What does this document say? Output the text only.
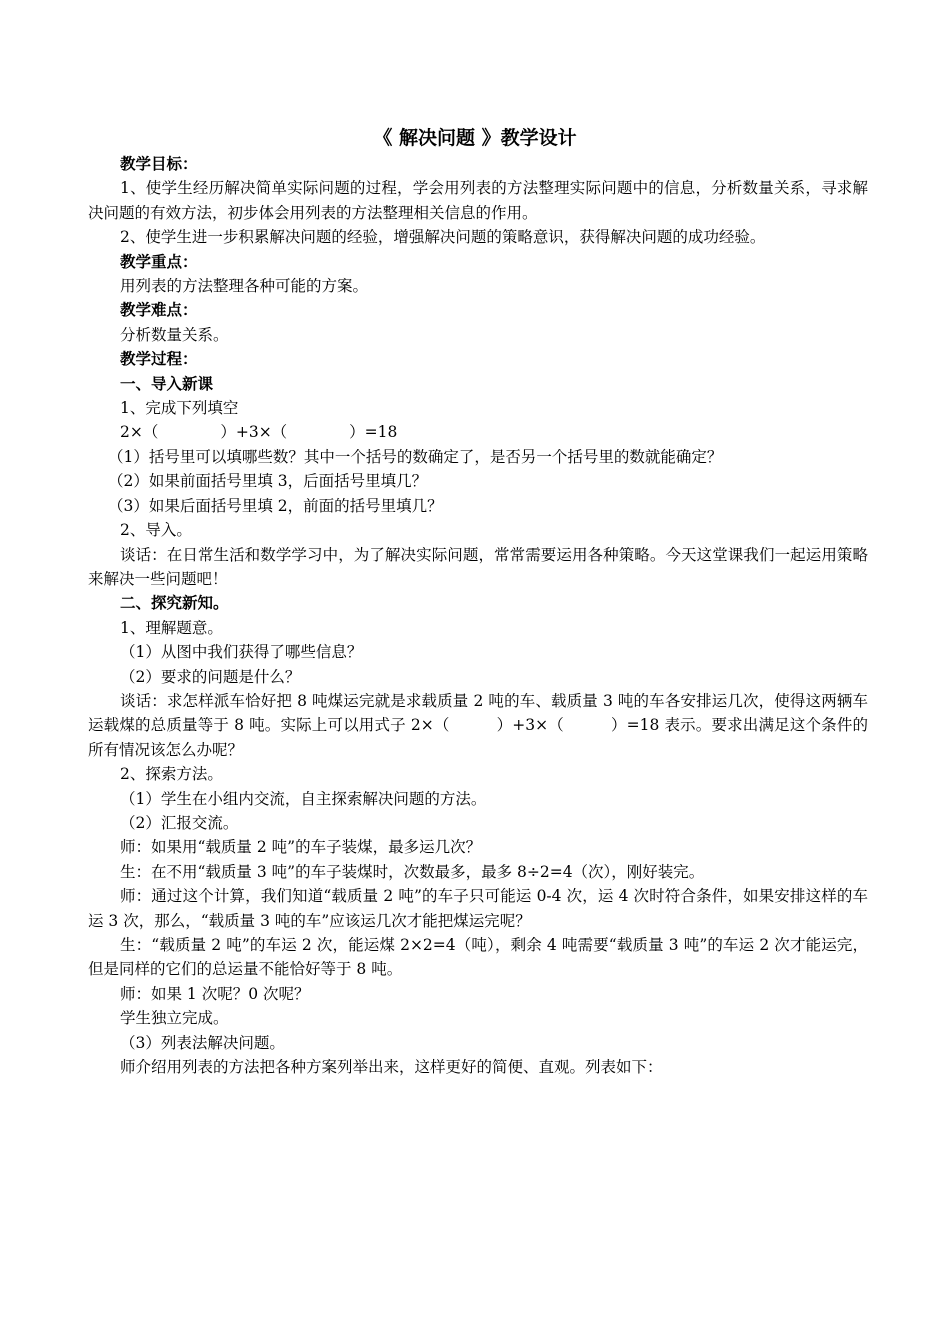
《 解决问题 》教学设计

教学目标：

1、使学生经历解决简单实际问题的过程，学会用列表的方法整理实际问题中的信息，分析数量关系，寻求解决问题的有效方法，初步体会用列表的方法整理相关信息的作用。

2、使学生进一步积累解决问题的经验，增强解决问题的策略意识，获得解决问题的成功经验。

教学重点：

用列表的方法整理各种可能的方案。

教学难点：

分析数量关系。

教学过程：

一、导入新课

1、完成下列填空

2×（　　　　）+3×（　　　　）=18

（1）括号里可以填哪些数？其中一个括号的数确定了，是否另一个括号里的数就能确定？

（2）如果前面括号里填 3，后面括号里填几？

（3）如果后面括号里填 2，前面的括号里填几？

2、导入。

谈话：在日常生活和数学学习中，为了解决实际问题，常常需要运用各种策略。今天这堂课我们一起运用策略来解决一些问题吧！

二、探究新知。

1、理解题意。

（1）从图中我们获得了哪些信息？

（2）要求的问题是什么？

谈话：求怎样派车恰好把 8 吨煤运完就是求载质量 2 吨的车、载质量 3 吨的车各安排运几次，使得这两辆车运载煤的总质量等于 8 吨。实际上可以用式子 2×（　　　）+3×（　　　）=18 表示。要求出满足这个条件的所有情况该怎么办呢？

2、探索方法。

（1）学生在小组内交流，自主探索解决问题的方法。

（2）汇报交流。

师：如果用“载质量 2 吨”的车子装煤，最多运几次？

生：在不用“载质量 3 吨”的车子装煤时，次数最多，最多 8÷2=4（次），刚好装完。

师：通过这个计算，我们知道“载质量 2 吨”的车子只可能运 0-4 次，运 4 次时符合条件，如果安排这样的车运 3 次，那么，“载质量 3 吨的车”应该运几次才能把煤运完呢？

生：“载质量 2 吨”的车运 2 次，能运煤 2×2=4（吨），剩余 4 吨需要“载质量 3 吨”的车运 2 次才能运完，但是同样的它们的总运量不能恰好等于 8 吨。

师：如果 1 次呢？0 次呢？

学生独立完成。

（3）列表法解决问题。

师介绍用列表的方法把各种方案列举出来，这样更好的简便、直观。列表如下：
